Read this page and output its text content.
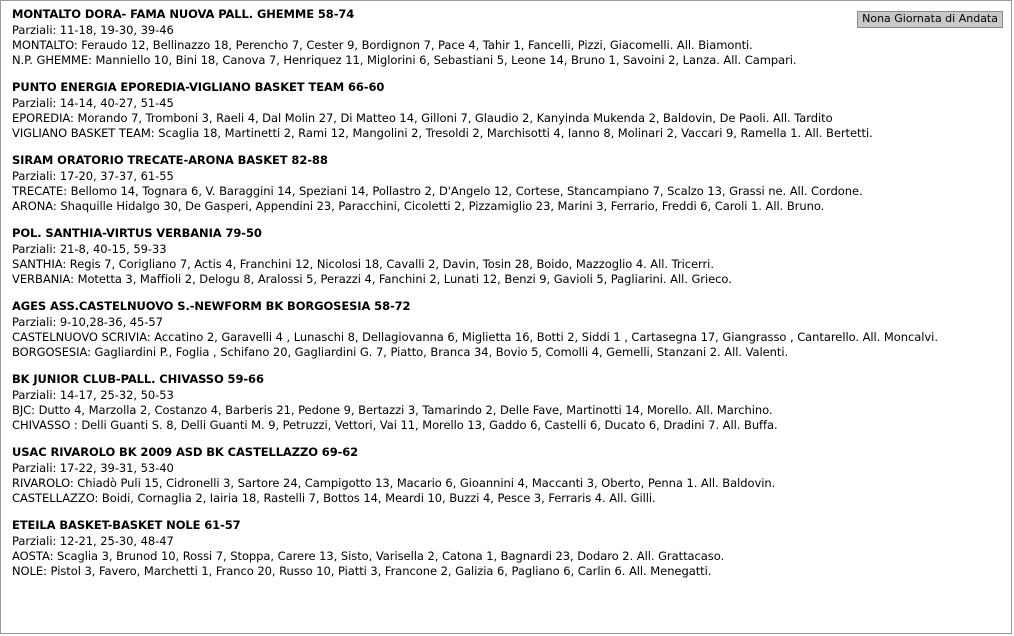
Nona Giornata di Andata
MONTALTO DORA- FAMA NUOVA PALL. GHEMME 58-74
Parziali: 11-18, 19-30, 39-46
MONTALTO: Feraudo 12, Bellinazzo 18, Perencho 7, Cester 9, Bordignon 7, Pace 4, Tahir 1, Fancelli, Pizzi, Giacomelli. All. Biamonti.
N.P. GHEMME: Manniello 10, Bini 18, Canova 7, Henriquez 11, Miglorini 6, Sebastiani 5, Leone 14, Bruno 1, Savoini 2, Lanza. All. Campari.
PUNTO ENERGIA EPOREDIA-VIGLIANO BASKET TEAM 66-60
Parziali: 14-14, 40-27, 51-45
EPOREDIA: Morando 7, Tromboni 3, Raeli 4, Dal Molin 27, Di Matteo 14, Gilloni 7, Glaudio 2, Kanyinda Mukenda 2, Baldovin, De Paoli. All. Tardito
VIGLIANO BASKET TEAM: Scaglia 18, Martinetti 2, Rami 12, Mangolini 2, Tresoldi 2, Marchisotti 4, Ianno 8, Molinari 2, Vaccari 9, Ramella 1. All. Bertetti.
SIRAM ORATORIO TRECATE-ARONA BASKET 82-88
Parziali: 17-20, 37-37, 61-55
TRECATE: Bellomo 14, Tognara 6, V. Baraggini 14, Speziani 14, Pollastro 2, D'Angelo 12, Cortese, Stancampiano 7, Scalzo 13, Grassi ne. All. Cordone.
ARONA: Shaquille Hidalgo 30, De Gasperi, Appendini 23, Paracchini, Cicoletti 2, Pizzamiglio 23, Marini 3, Ferrario, Freddi 6, Caroli 1. All. Bruno.
POL. SANTHIA-VIRTUS VERBANIA 79-50
Parziali: 21-8, 40-15, 59-33
SANTHIA: Regis 7, Corigliano 7, Actis 4, Franchini 12, Nicolosi 18, Cavalli 2, Davin, Tosin 28, Boido, Mazzoglio 4. All. Tricerri.
VERBANIA: Motetta 3, Maffioli 2, Delogu 8, Aralossi 5, Perazzi 4, Fanchini 2, Lunati 12, Benzi 9, Gavioli 5, Pagliarini. All. Grieco.
AGES ASS.CASTELNUOVO S.-NEWFORM BK BORGOSESIA 58-72
Parziali: 9-10,28-36, 45-57
CASTELNUOVO SCRIVIA: Accatino 2, Garavelli 4 , Lunaschi 8, Dellagiovanna 6, Miglietta 16, Botti 2, Siddi 1 , Cartasegna 17, Giangrasso , Cantarello. All. Moncalvi.
BORGOSESIA: Gagliardini P., Foglia , Schifano 20, Gagliardini G. 7, Piatto, Branca 34, Bovio 5, Comolli 4, Gemelli, Stanzani 2. All. Valenti.
BK JUNIOR CLUB-PALL. CHIVASSO 59-66
Parziali: 14-17, 25-32, 50-53
BJC: Dutto 4, Marzolla 2, Costanzo 4, Barberis 21, Pedone 9, Bertazzi 3, Tamarindo 2, Delle Fave, Martinotti 14, Morello. All. Marchino.
CHIVASSO : Delli Guanti S. 8, Delli Guanti M. 9, Petruzzi, Vettori, Vai 11, Morello 13, Gaddo 6, Castelli 6, Ducato 6, Dradini 7. All. Buffa.
USAC RIVAROLO BK 2009 ASD BK CASTELLAZZO 69-62
Parziali: 17-22, 39-31, 53-40
RIVAROLO: Chiadò Puli 15, Cidronelli 3, Sartore 24, Campigotto 13, Macario 6, Gioannini 4, Maccanti 3, Oberto, Penna 1. All. Baldovin.
CASTELLAZZO: Boidi, Cornaglia 2, Iairia 18, Rastelli 7, Bottos 14, Meardi 10, Buzzi 4, Pesce 3, Ferraris 4. All. Gilli.
ETEILA BASKET-BASKET NOLE 61-57
Parziali: 12-21, 25-30, 48-47
AOSTA: Scaglia 3, Brunod 10, Rossi 7, Stoppa, Carere 13, Sisto, Varisella 2, Catona 1, Bagnardi 23, Dodaro 2. All. Grattacaso.
NOLE: Pistol 3, Favero, Marchetti 1, Franco 20, Russo 10, Piatti 3, Francone 2, Galizia 6, Pagliano 6, Carlin 6. All. Menegatti.
